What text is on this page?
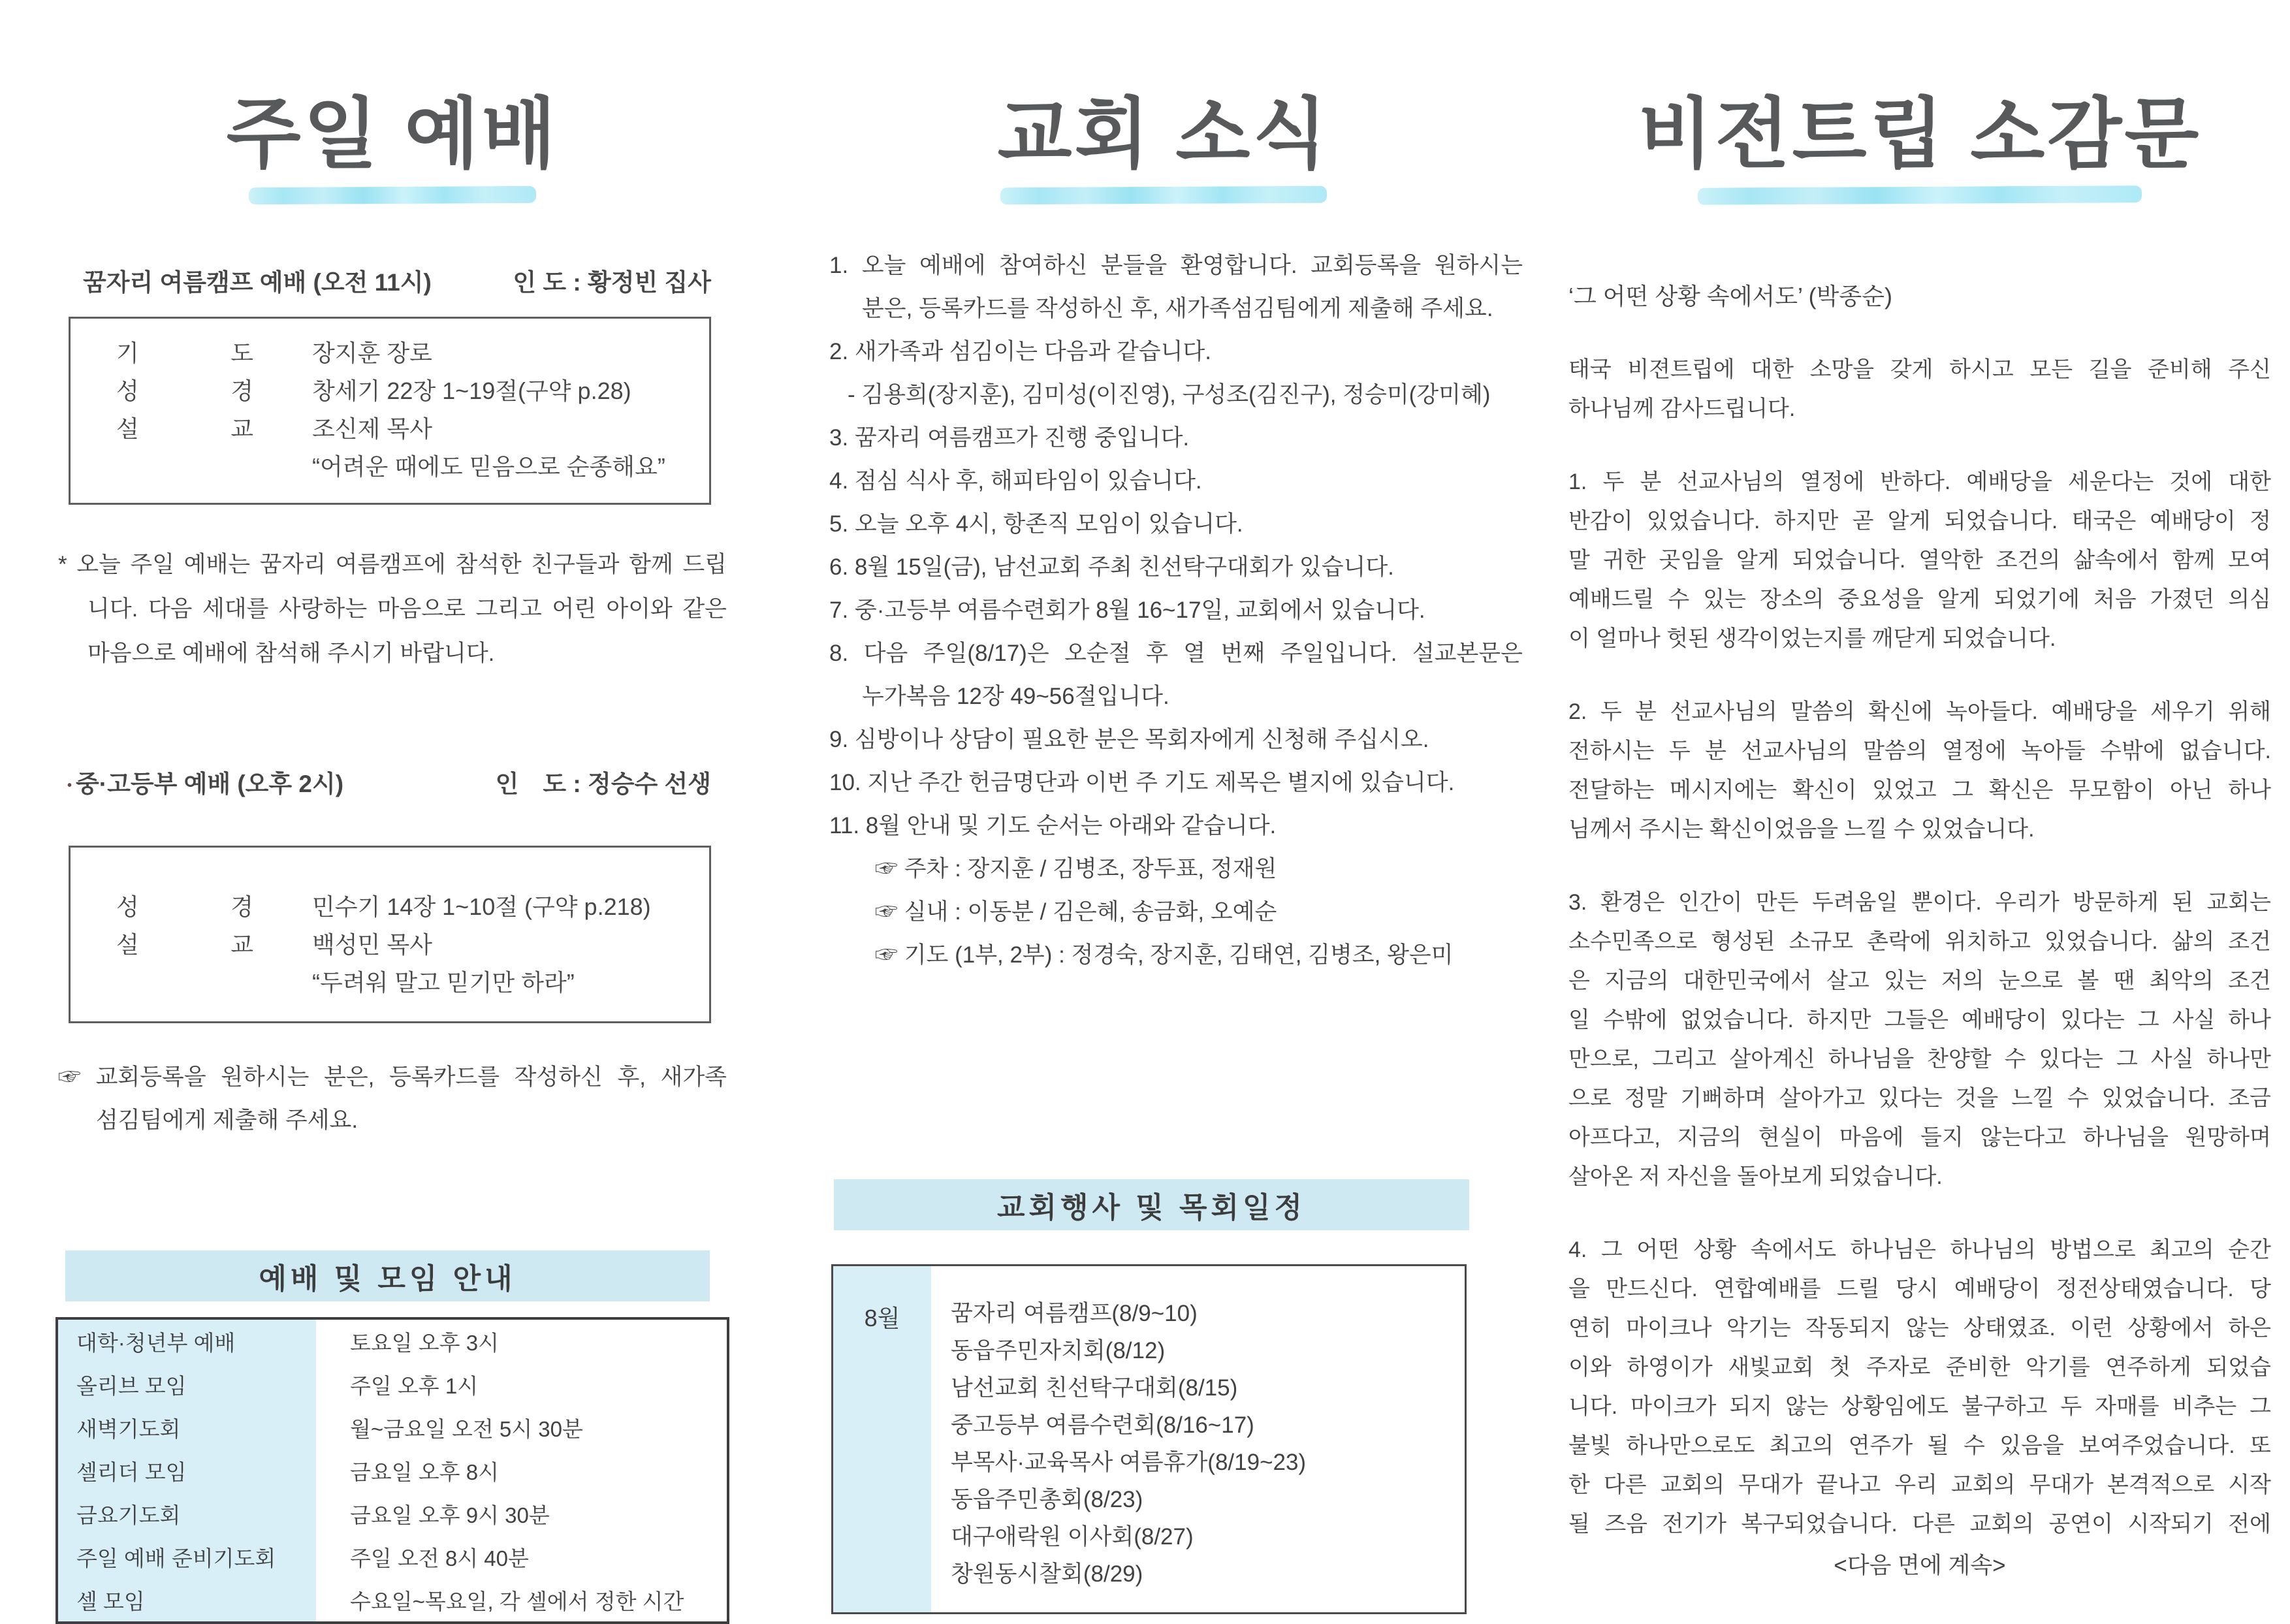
주일 예배
꿈자리 여름캠프 예배 (오전 11시)	인 도 : 황정빈 집사
기 도	장지훈 장로
성 경	창세기 22장 1~19절(구약 p.28)
설 교	조신제 목사
“어려운 때에도 믿음으로 순종해요”
* 오늘 주일 예배는 꿈자리 여름캠프에 참석한 친구들과 함께 드립
니다. 다음 세대를 사랑하는 마음으로 그리고 어린 아이와 같은
마음으로 예배에 참석해 주시기 바랍니다.
• 중·고등부 예배 (오후 2시)	인　도 : 정승수 선생
성 경	민수기 14장 1~10절 (구약 p.218)
설 교	백성민 목사
“두려워 말고 믿기만 하라”
☞ 교회등록을 원하시는 분은, 등록카드를 작성하신 후, 새가족
섬김팀에게 제출해 주세요.
예배 및 모임 안내
대학·청년부 예배	토요일 오후 3시
올리브 모임	주일 오후 1시
새벽기도회	월~금요일 오전 5시 30분
셀리더 모임	금요일 오후 8시
금요기도회	금요일 오후 9시 30분
주일 예배 준비기도회	주일 오전 8시 40분
셀 모임	수요일~목요일, 각 셀에서 정한 시간
교회 소식
1. 오늘 예배에 참여하신 분들을 환영합니다. 교회등록을 원하시는
분은, 등록카드를 작성하신 후, 새가족섬김팀에게 제출해 주세요.
2. 새가족과 섬김이는 다음과 같습니다.
- 김용희(장지훈), 김미성(이진영), 구성조(김진구), 정승미(강미혜)
3. 꿈자리 여름캠프가 진행 중입니다.
4. 점심 식사 후, 해피타임이 있습니다.
5. 오늘 오후 4시, 항존직 모임이 있습니다.
6. 8월 15일(금), 남선교회 주최 친선탁구대회가 있습니다.
7. 중·고등부 여름수련회가 8월 16~17일, 교회에서 있습니다.
8. 다음 주일(8/17)은 오순절 후 열 번째 주일입니다. 설교본문은
누가복음 12장 49~56절입니다.
9. 심방이나 상담이 필요한 분은 목회자에게 신청해 주십시오.
10. 지난 주간 헌금명단과 이번 주 기도 제목은 별지에 있습니다.
11. 8월 안내 및 기도 순서는 아래와 같습니다.
☞ 주차 : 장지훈 / 김병조, 장두표, 정재원
☞ 실내 : 이동분 / 김은혜, 송금화, 오예순
☞ 기도 (1부, 2부) : 정경숙, 장지훈, 김태연, 김병조, 왕은미
교회행사 및 목회일정
8월	꿈자리 여름캠프(8/9~10)
동읍주민자치회(8/12)
남선교회 친선탁구대회(8/15)
중고등부 여름수련회(8/16~17)
부목사·교육목사 여름휴가(8/19~23)
동읍주민총회(8/23)
대구애락원 이사회(8/27)
창원동시찰회(8/29)
비전트립 소감문
‘그 어떤 상황 속에서도’ (박종순)
태국 비젼트립에 대한 소망을 갖게 하시고 모든 길을 준비해 주신
하나님께 감사드립니다.
1. 두 분 선교사님의 열정에 반하다. 예배당을 세운다는 것에 대한
반감이 있었습니다. 하지만 곧 알게 되었습니다. 태국은 예배당이 정
말 귀한 곳임을 알게 되었습니다. 열악한 조건의 삶속에서 함께 모여
예배드릴 수 있는 장소의 중요성을 알게 되었기에 처음 가졌던 의심
이 얼마나 헛된 생각이었는지를 깨닫게 되었습니다.
2. 두 분 선교사님의 말씀의 확신에 녹아들다. 예배당을 세우기 위해
전하시는 두 분 선교사님의 말씀의 열정에 녹아들 수밖에 없습니다.
전달하는 메시지에는 확신이 있었고 그 확신은 무모함이 아닌 하나
님께서 주시는 확신이었음을 느낄 수 있었습니다.
3. 환경은 인간이 만든 두려움일 뿐이다. 우리가 방문하게 된 교회는
소수민족으로 형성된 소규모 촌락에 위치하고 있었습니다. 삶의 조건
은 지금의 대한민국에서 살고 있는 저의 눈으로 볼 땐 최악의 조건
일 수밖에 없었습니다. 하지만 그들은 예배당이 있다는 그 사실 하나
만으로, 그리고 살아계신 하나님을 찬양할 수 있다는 그 사실 하나만
으로 정말 기뻐하며 살아가고 있다는 것을 느낄 수 있었습니다. 조금
아프다고, 지금의 현실이 마음에 들지 않는다고 하나님을 원망하며
살아온 저 자신을 돌아보게 되었습니다.
4. 그 어떤 상황 속에서도 하나님은 하나님의 방법으로 최고의 순간
을 만드신다. 연합예배를 드릴 당시 예배당이 정전상태였습니다. 당
연히 마이크나 악기는 작동되지 않는 상태였죠. 이런 상황에서 하은
이와 하영이가 새빛교회 첫 주자로 준비한 악기를 연주하게 되었습
니다. 마이크가 되지 않는 상황임에도 불구하고 두 자매를 비추는 그
불빛 하나만으로도 최고의 연주가 될 수 있음을 보여주었습니다. 또
한 다른 교회의 무대가 끝나고 우리 교회의 무대가 본격적으로 시작
될 즈음 전기가 복구되었습니다. 다른 교회의 공연이 시작되기 전에
<다음 면에 계속>
